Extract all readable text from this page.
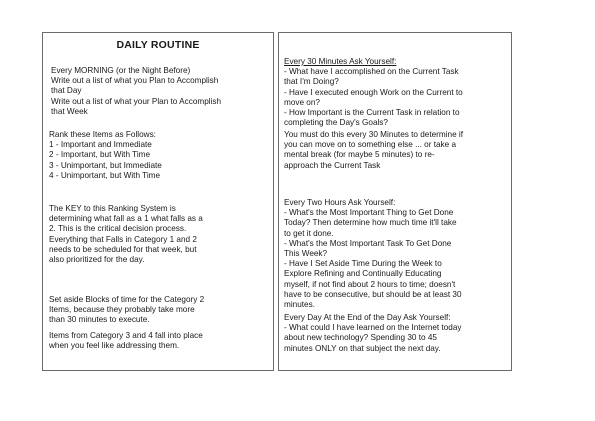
DAILY ROUTINE
Every MORNING (or the Night Before)
Write out a list of what you Plan to Accomplish
that Day
Write out a list of what your Plan to Accomplish
that Week
Rank these Items as Follows:
1 - Important and Immediate
2 - Important, but With Time
3 - Unimportant, but Immediate
4 - Unimportant, but With Time
The KEY to this Ranking System is
determining what fall as a 1 what falls as a
2. This is the critical decision process.
Everything that Falls in Category 1 and 2
needs to be scheduled for that week, but
also prioritized for the day.
Set aside Blocks of time for the Category 2
Items, because they probably take more
than 30 minutes to execute.
Items from Category 3 and 4 fall into place
when you feel like addressing them.
Every 30 Minutes Ask Yourself:
- What have I accomplished on the Current Task
that I'm Doing?
- Have I executed enough Work on the Current to
move on?
- How Important is the Current Task in relation to
completing the Day's Goals?
You must do this every 30 Minutes to determine if
you can move on to something else ... or take a
mental break (for maybe 5 minutes) to re-
approach the Current Task
Every Two Hours Ask Yourself:
- What's the Most Important Thing to Get Done
Today? Then determine how much time it'll take
to get it done.
- What's the Most Important Task To Get Done
This Week?
- Have I Set Aside Time During the Week to
Explore Refining and Continually Educating
myself, if not find about 2 hours to time; doesn't
have to be consecutive, but should be at least 30
minutes.
Every Day At the End of the Day Ask Yourself:
- What could I have learned on the Internet today
about new technology? Spending 30 to 45
minutes ONLY on that subject the next day.
